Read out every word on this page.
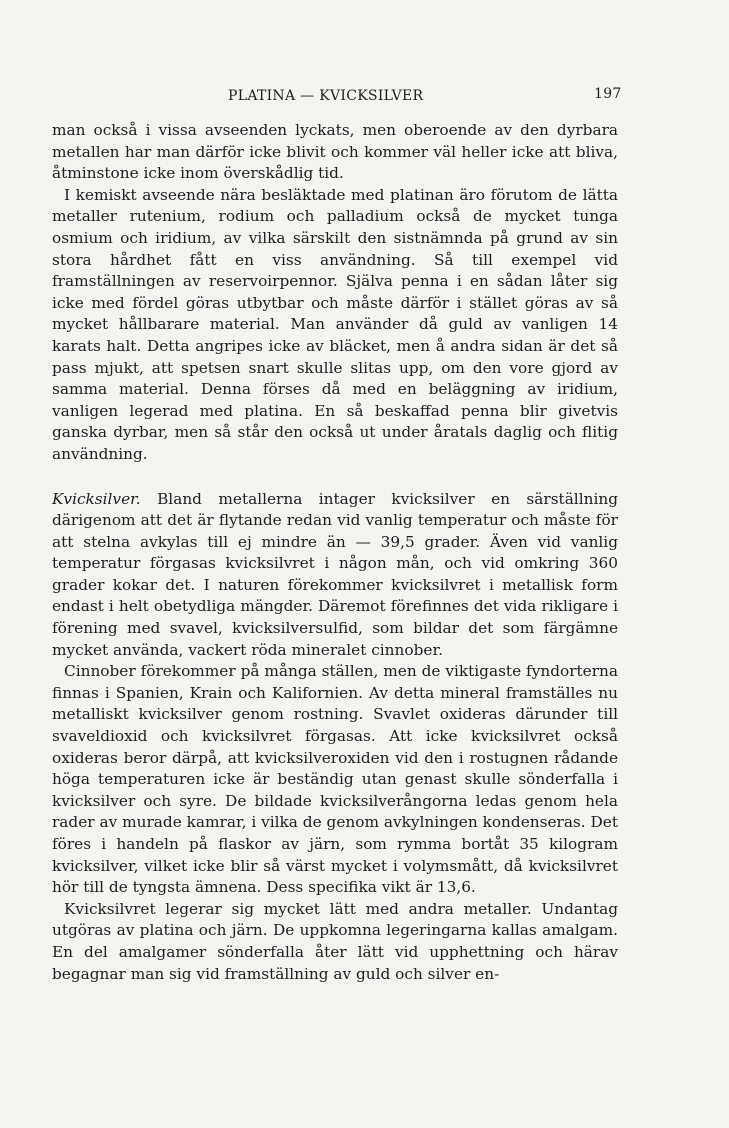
PLATINA — KVICKSILVER	197

man också i vissa avseenden lyckats, men oberoende av den dyrbara metallen har man därför icke blivit och kommer väl heller icke att bliva, åtminstone icke inom överskådlig tid.

I kemiskt avseende nära besläktade med platinan äro förutom de lätta metaller rutenium, rodium och palladium också de mycket tunga osmium och iridium, av vilka särskilt den sistnämnda på grund av sin stora hårdhet fått en viss användning. Så till exempel vid framställningen av reservoirpennor. Själva penna i en sådan låter sig icke med fördel göras utbytbar och måste därför i stället göras av så mycket hållbarare material. Man använder då guld av vanligen 14 karats halt. Detta angripes icke av bläcket, men å andra sidan är det så pass mjukt, att spetsen snart skulle slitas upp, om den vore gjord av samma material. Denna förses då med en beläggning av iridium, vanligen legerad med platina. En så beskaffad penna blir givetvis ganska dyrbar, men så står den också ut under åratals daglig och flitig användning.

Kvicksilver. Bland metallerna intager kvicksilver en särställning därigenom att det är flytande redan vid vanlig temperatur och måste för att stelna avkylas till ej mindre än — 39,5 grader. Även vid vanlig temperatur förgasas kvicksilvret i någon mån, och vid omkring 360 grader kokar det. I naturen förekommer kvicksilvret i metallisk form endast i helt obetydliga mängder. Däremot förefinnes det vida rikligare i förening med svavel, kvicksilversulfid, som bildar det som färgämne mycket använda, vackert röda mineralet cinnober.

Cinnober förekommer på många ställen, men de viktigaste fyndorterna finnas i Spanien, Krain och Kalifornien. Av detta mineral framställes nu metalliskt kvicksilver genom rostning. Svavlet oxideras därunder till svaveldioxid och kvicksilvret förgasas. Att icke kvicksilvret också oxideras beror därpå, att kvicksilveroxiden vid den i rostugnen rådande höga temperaturen icke är beständig utan genast skulle sönderfalla i kvicksilver och syre. De bildade kvicksilverångorna ledas genom hela rader av murade kamrar, i vilka de genom avkylningen kondenseras. Det föres i handeln på flaskor av järn, som rymma bortåt 35 kilogram kvicksilver, vilket icke blir så värst mycket i volymsmått, då kvicksilvret hör till de tyngsta ämnena. Dess specifika vikt är 13,6.

Kvicksilvret legerar sig mycket lätt med andra metaller. Undantag utgöras av platina och järn. De uppkomna legeringarna kallas amalgam. En del amalgamer sönderfalla åter lätt vid upphettning och härav begagnar man sig vid framställning av guld och silver en-
